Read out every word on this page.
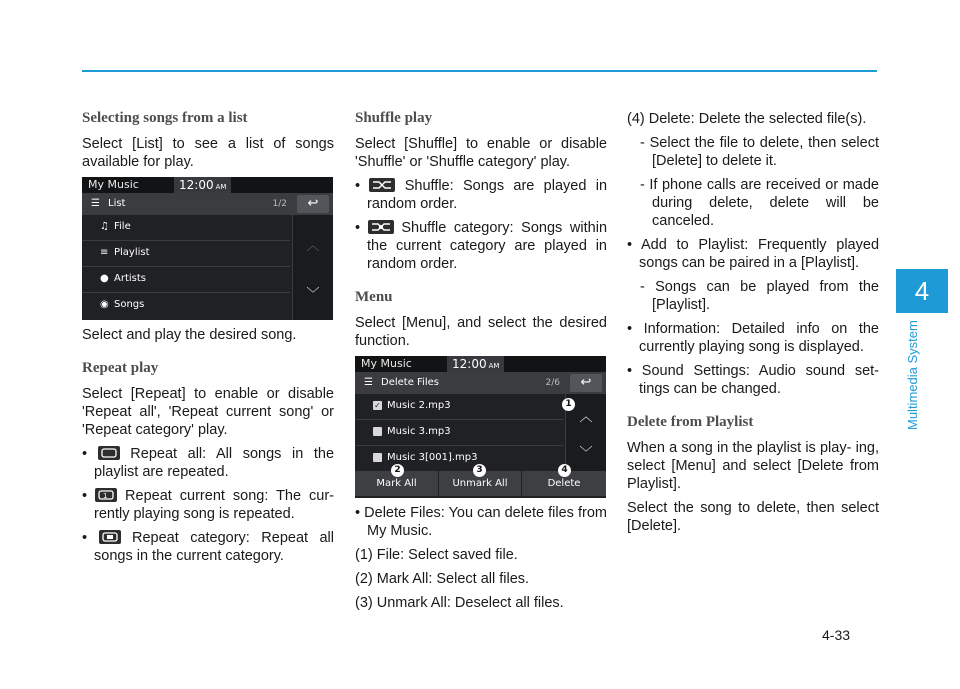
4
Multimedia System
4-33
Selecting songs from a list

Select [List] to see a list of songs available for play.

My Music	12:00 AM
☰ List	1/2	↩
♫ File
≡ Playlist
● Artists
◉ Songs
︿
﹀

Select and play the desired song.

Repeat play

Select [Repeat] to enable or disable 'Repeat all', 'Repeat current song' or 'Repeat category' play.

•
Repeat all: All songs in the playlist are repeated.

• 1 Repeat current song: The cur- rently playing song is repeated.

•
Repeat category: Repeat all songs in the current category.

Shuffle play

Select [Shuffle] to enable or disable 'Shuffle' or 'Shuffle category' play.

•
Shuffle: Songs are played in random order.

•
Shuffle category: Songs within the current category are played in random order.

Menu

Select [Menu], and select the desired function.

My Music	12:00 AM
☰ Delete Files	2/6	↩
✓ Music 2.mp3
Music 3.mp3
Music 3[001].mp3
︿
﹀
Mark All	Unmark All	Delete
1
2	3	4

• Delete Files: You can delete files from My Music.

(1) File: Select saved file.

(2) Mark All: Select all files.

(3) Unmark All: Deselect all files.

(4) Delete: Delete the selected file(s).

- Select the file to delete, then select [Delete] to delete it.

- If phone calls are received or made during delete, delete will be canceled.

• Add to Playlist: Frequently played songs can be paired in a [Playlist].

- Songs can be played from the [Playlist].

• Information: Detailed info on the currently playing song is displayed.

• Sound Settings: Audio sound set- tings can be changed.

Delete from Playlist

When a song in the playlist is play- ing, select [Menu] and select [Delete from Playlist].

Select the song to delete, then select [Delete].
